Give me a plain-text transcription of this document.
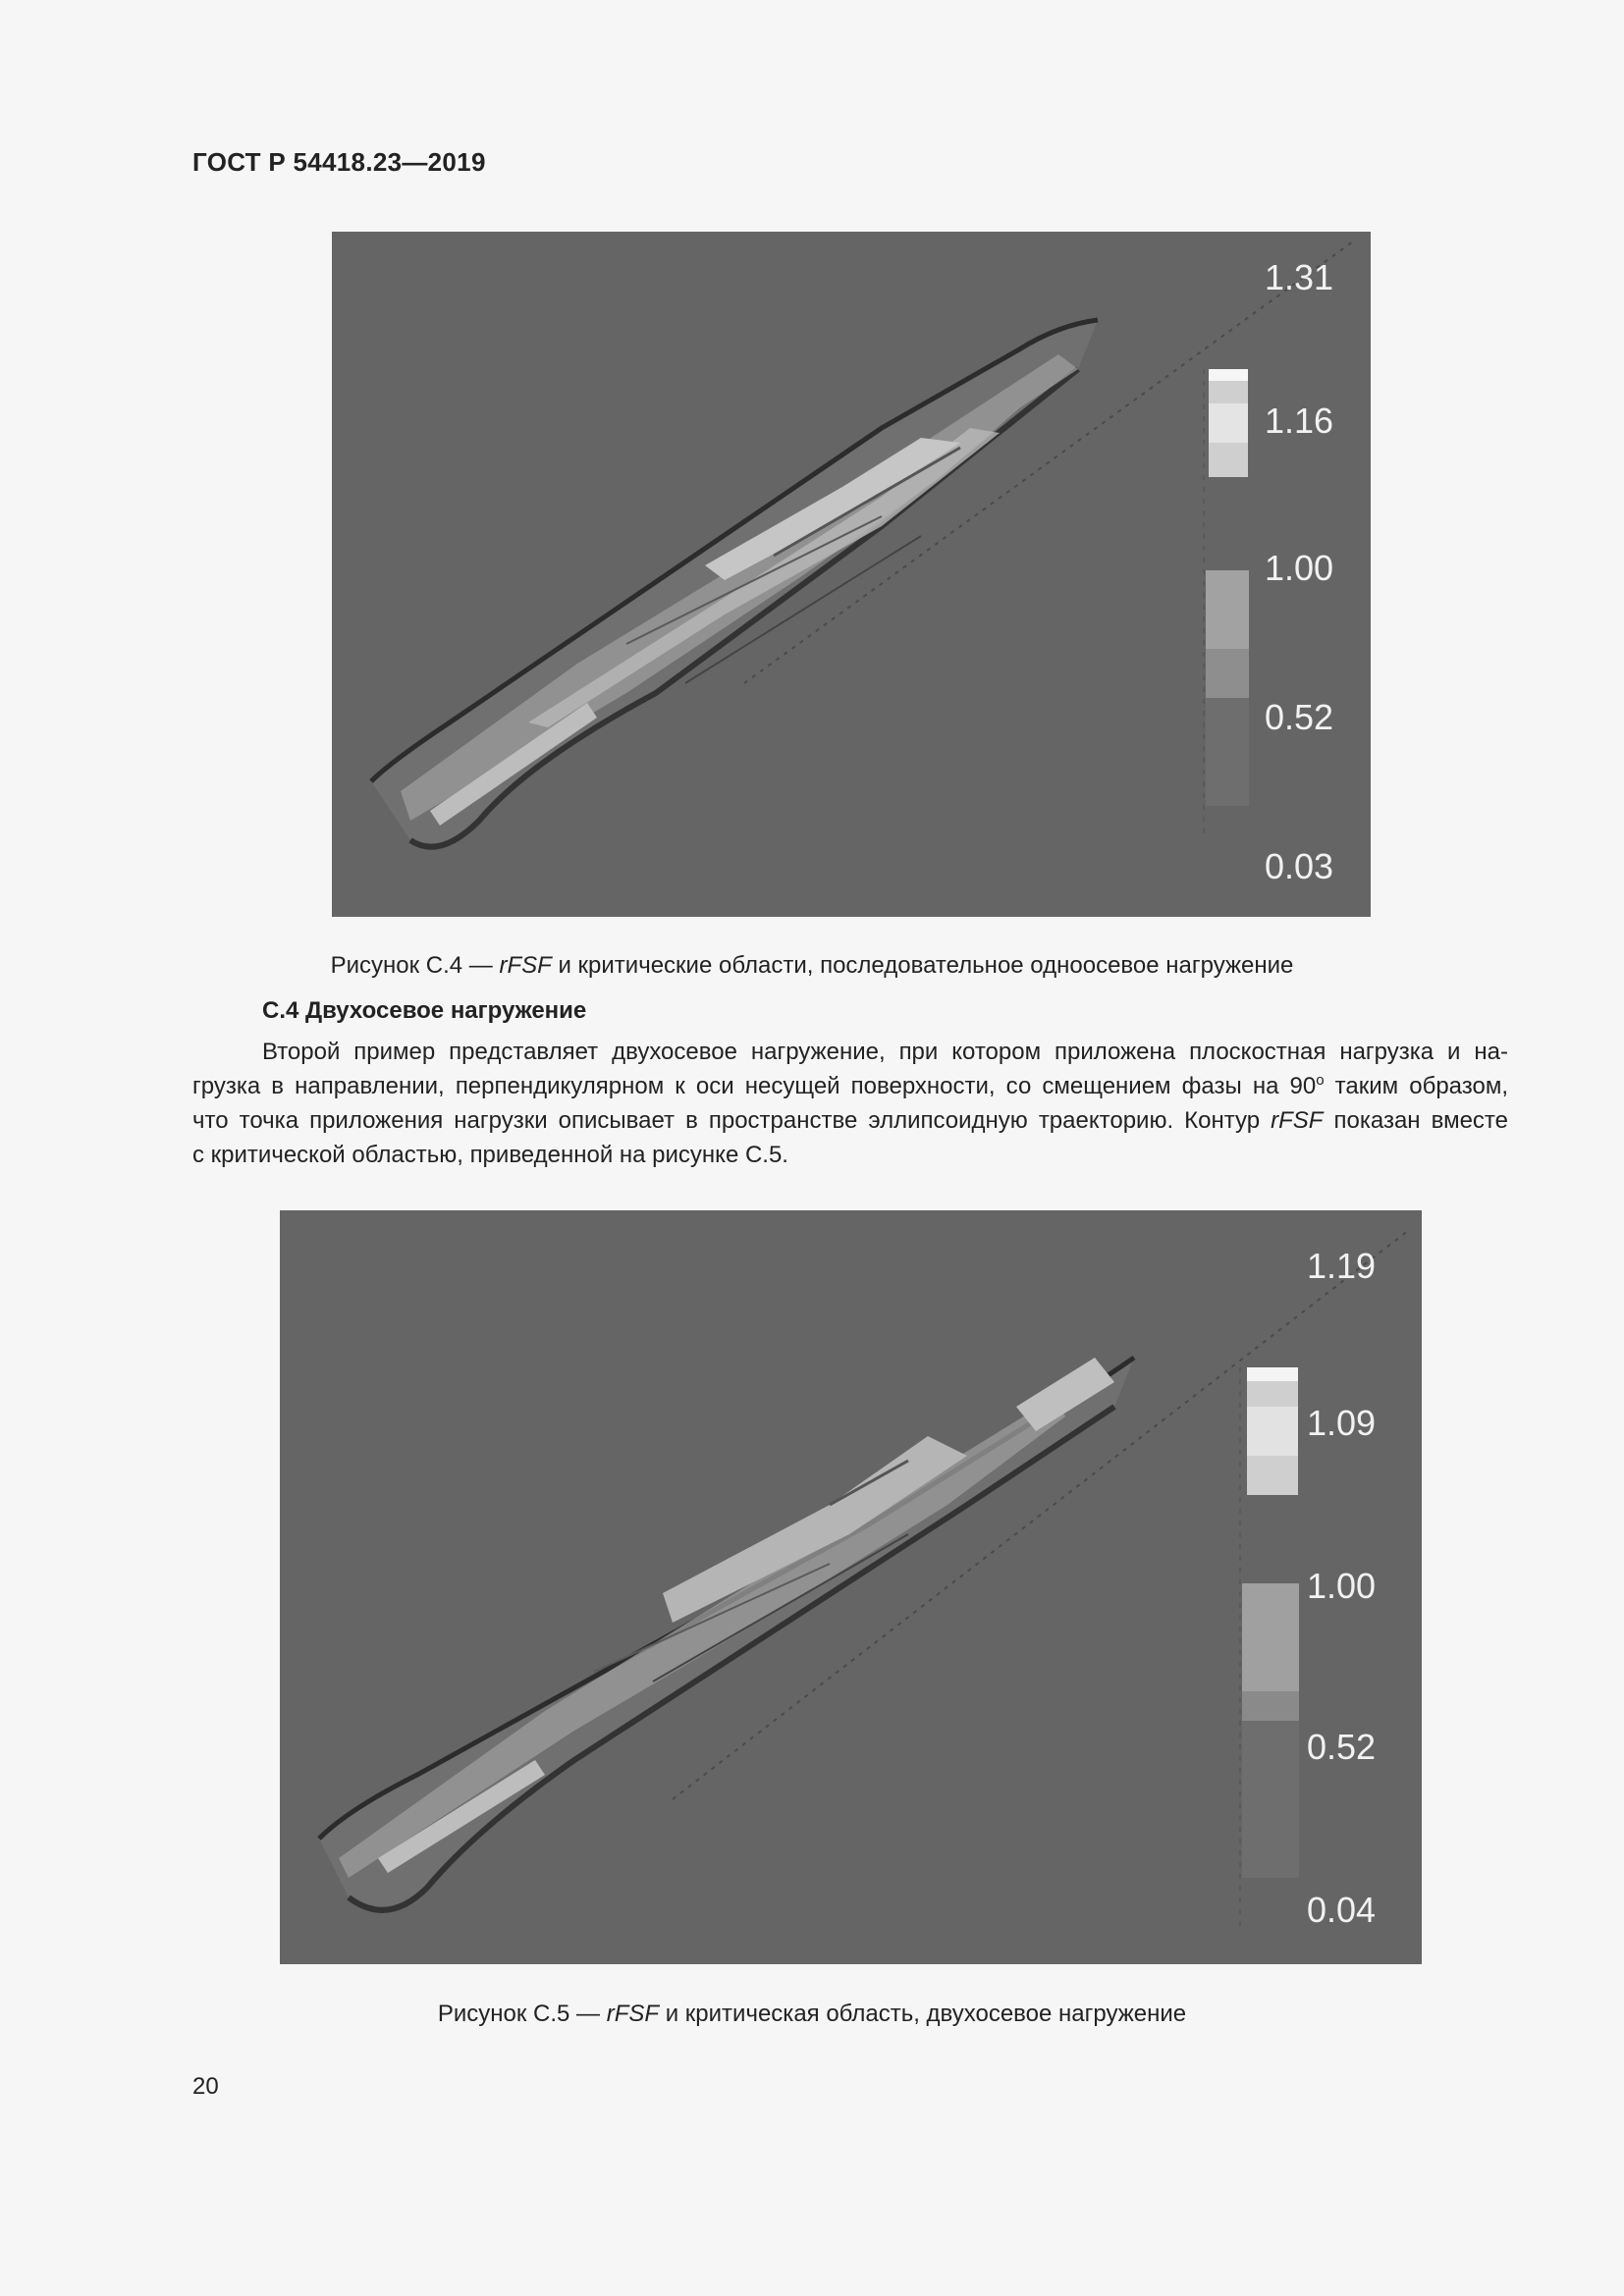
ГОСТ Р 54418.23—2019
1.31
1.16
1.00
0.52
0.03
Рисунок С.4 — rFSF и критические области, последовательное одноосевое нагружение
С.4 Двухосевое нагружение
Второй пример представляет двухосевое нагружение, при котором приложена плоскостная нагрузка и на-
грузка в направлении, перпендикулярном к оси несущей поверхности, со смещением фазы на 90$^o$ таким образом,
что точка приложения нагрузки описывает в пространстве эллипсоидную траекторию. Контур rFSF показан вместе
с критической областью, приведенной на рисунке С.5.
1.19
1.09
1.00
0.52
0.04
Рисунок С.5 — rFSF и критическая область, двухосевое нагружение
20
